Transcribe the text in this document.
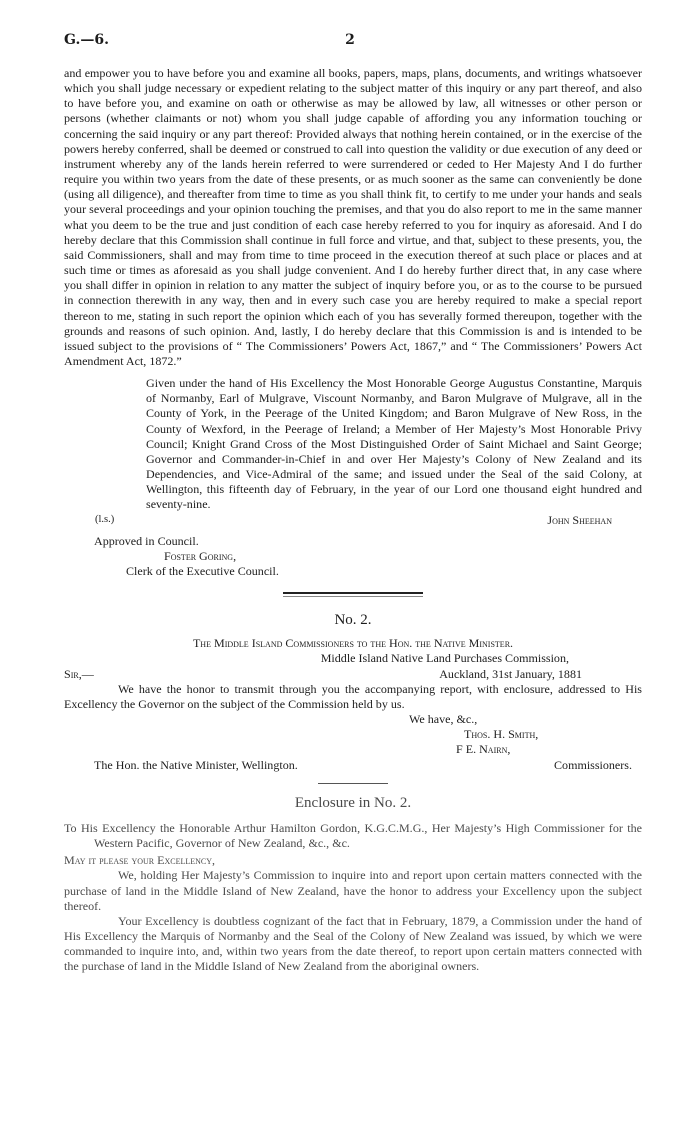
G.—6.	2

and empower you to have before you and examine all books, papers, maps, plans, documents, and writings whatsoever which you shall judge necessary or expedient relating to the subject matter of this inquiry or any part thereof, and also to have before you, and examine on oath or otherwise as may be allowed by law, all witnesses or other person or persons (whether claimants or not) whom you shall judge capable of affording you any information touching or concerning the said inquiry or any part thereof: Provided always that nothing herein contained, or in the exercise of the powers hereby conferred, shall be deemed or construed to call into question the validity or due execution of any deed or instrument whereby any of the lands herein referred to were surrendered or ceded to Her Majesty And I do further require you within two years from the date of these presents, or as much sooner as the same can conveniently be done (using all diligence), and thereafter from time to time as you shall think fit, to certify to me under your hands and seals your several proceedings and your opinion touching the premises, and that you do also report to me in the same manner what you deem to be the true and just condition of each case hereby referred to you for inquiry as aforesaid. And I do hereby declare that this Commission shall continue in full force and virtue, and that, subject to these presents, you, the said Commissioners, shall and may from time to time proceed in the execution thereof at such place or places and at such time or times as aforesaid as you shall judge convenient. And I do hereby further direct that, in any case where you shall differ in opinion in relation to any matter the subject of inquiry before you, or as to the course to be pursued in connection therewith in any way, then and in every such case you are hereby required to make a special report thereon to me, stating in such report the opinion which each of you has severally formed thereupon, together with the grounds and reasons of such opinion. And, lastly, I do hereby declare that this Commission is and is intended to be issued subject to the provisions of “ The Commissioners’ Powers Act, 1867,” and “ The Commissioners’ Powers Act Amendment Act, 1872.”

(l.s.)

Given under the hand of His Excellency the Most Honorable George Augustus Constantine, Marquis of Normanby, Earl of Mulgrave, Viscount Normanby, and Baron Mulgrave of Mulgrave, all in the County of York, in the Peerage of the United Kingdom; and Baron Mulgrave of New Ross, in the County of Wexford, in the Peerage of Ireland; a Member of Her Majesty’s Most Honorable Privy Council; Knight Grand Cross of the Most Distinguished Order of Saint Michael and Saint George; Governor and Commander-in-Chief in and over Her Majesty’s Colony of New Zealand and its Dependencies, and Vice-Admiral of the same; and issued under the Seal of the said Colony, at Wellington, this fifteenth day of February, in the year of our Lord one thousand eight hundred and seventy-nine.

John Sheehan
Approved in Council.
Foster Goring,
Clerk of the Executive Council.
No. 2.
The Middle Island Commissioners to the Hon. the Native Minister.
Middle Island Native Land Purchases Commission,
Sir,—	Auckland, 31st January, 1881

We have the honor to transmit through you the accompanying report, with enclosure, addressed to His Excellency the Governor on the subject of the Commission held by us.

We have, &c.,
Thos. H. Smith,
F E. Nairn,
The Hon. the Native Minister, Wellington.	Commissioners.
Enclosure in No. 2.

To His Excellency the Honorable Arthur Hamilton Gordon, K.G.C.M.G., Her Majesty’s High Commissioner for the Western Pacific, Governor of New Zealand, &c., &c.

May it please your Excellency,

We, holding Her Majesty’s Commission to inquire into and report upon certain matters connected with the purchase of land in the Middle Island of New Zealand, have the honor to address your Excellency upon the subject thereof.

Your Excellency is doubtless cognizant of the fact that in February, 1879, a Commission under the hand of His Excellency the Marquis of Normanby and the Seal of the Colony of New Zealand was issued, by which we were commanded to inquire into, and, within two years from the date thereof, to report upon certain matters connected with the purchase of land in the Middle Island of New Zealand from the aboriginal owners.
